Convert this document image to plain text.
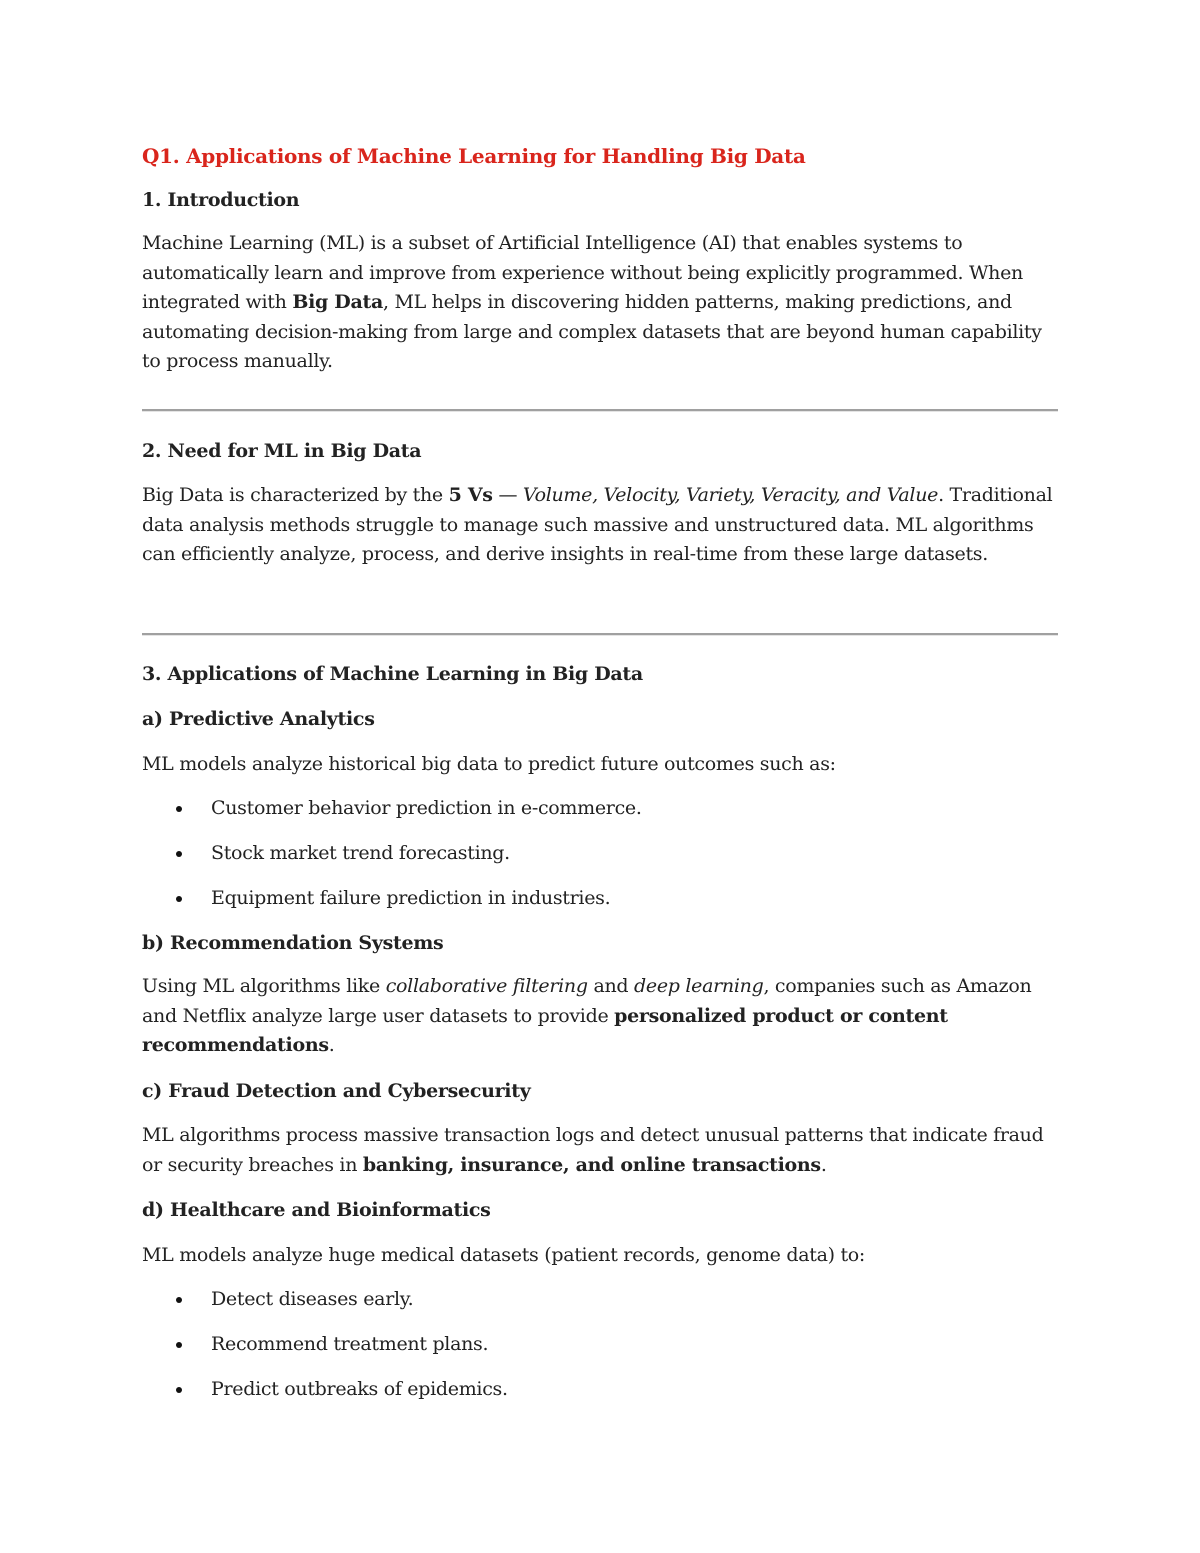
Q1. Applications of Machine Learning for Handling Big Data
1. Introduction

Machine Learning (ML) is a subset of Artificial Intelligence (AI) that enables systems to automatically learn and improve from experience without being explicitly programmed. When integrated with Big Data, ML helps in discovering hidden patterns, making predictions, and automating decision-making from large and complex datasets that are beyond human capability to process manually.

2. Need for ML in Big Data

Big Data is characterized by the 5 Vs — Volume, Velocity, Variety, Veracity, and Value. Traditional data analysis methods struggle to manage such massive and unstructured data. ML algorithms can efficiently analyze, process, and derive insights in real-time from these large datasets.

3. Applications of Machine Learning in Big Data
a) Predictive Analytics
ML models analyze historical big data to predict future outcomes such as:
Customer behavior prediction in e-commerce.
Stock market trend forecasting.
Equipment failure prediction in industries.
b) Recommendation Systems

Using ML algorithms like collaborative filtering and deep learning, companies such as Amazon and Netflix analyze large user datasets to provide personalized product or content recommendations.

c) Fraud Detection and Cybersecurity

ML algorithms process massive transaction logs and detect unusual patterns that indicate fraud or security breaches in banking, insurance, and online transactions.

d) Healthcare and Bioinformatics
ML models analyze huge medical datasets (patient records, genome data) to:
Detect diseases early.
Recommend treatment plans.
Predict outbreaks of epidemics.
